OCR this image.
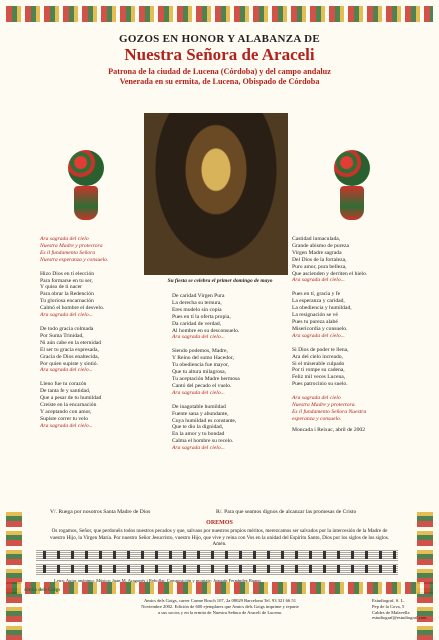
GOZOS EN HONOR Y ALABANZA DE
Nuestra Señora de Araceli
Patrona de la ciudad de Lucena (Córdoba) y del campo andaluz
Venerada en su ermita, de Lucena, Obispado de Córdoba
Su fiesta se celebra el primer domingo de mayo

Ara sagrada del cielo

Nuestra Madre y protectora

Es il fundamento Señora

Nuestra esperanza y consuelo.

Hizo Dios en tí elección

Para formarse en tu ser,

Y quiso de ti nacer

Para obrar la Redención

Tu gloriosa encarnación

Calmó el hombre el desvelo.

Ara sagrada del cielo...

De todo gracia colmada

Por Suma Trinidad,

Ni aún cabe en la eternidad

El ser tu gracia expresada,

Gracia de Dios enaltecida,

Por quien supiste y sintió.

Ara sagrada del cielo...

Lleno fue tu corazón

De tanta fe y santidad,

Que a pesar de tu humildad

Creíste en la encarnación

Y aceptando con amor,

Supiste correr tu velo

Ara sagrada del cielo...

De caridad Virgen Pura

La derecha su ternura,

Eres modelo sin copia

Pues en tí la oferta propia,

Da caridad de verdad,

Al hombre en su desconsuelo.

Ara sagrada del cielo...

Siendo podemos, Madre,

Y Reino del sumo Hacedor,

Tu obediencia fue mayor,

Que tu altura milagrosa,

Tu aceptación Madre hermosa

Cantó del pecado el vuelo.

Ara sagrada del cielo...

De inagotable humildad

Fuente sana y abundante,

Cuya humildad es constante,

Que te dio la dignidad,

En la amor y tu bondad

Calma el hombre su recelo.

Ara sagrada del cielo...

Castidad inmaculada,

Grande abismo de pureza

Virgen Madre sagrada

Del Dios de la fortaleza,

Puro amor, pura belleza,

Que ascienden y derriten el hielo.

Ara sagrada del cielo...

Pues en tí, gracia y fe

La esperanza y caridad,

La obediencia y humildad,

La resignación se vé

Pues tu pureza alabé

Misericordia y consuelo.

Ara sagrada del cielo...

Si Dios de poder te llena,

Ara del cielo increado,

Si el miserable culpado

Por ti rompe su cadena,

Feliz mil veces Lucena,

Pues patrocinio su suelo.

Ara sagrada del cielo

Nuestra Madre y protectora.

Es il fundamento Señora Nuestra

esperanza y consuelo.

Moncada i Reixac, abril de 2002

V/. Ruega por nosotros Santa Madre de Dios	R/. Para que seamos dignos de alcanzar las promesas de Cristo
OREMOS
Os rogamos, Señor, que perdonéis todos nuestros pecados y que, salvaos por nuestros propios méritos, merezcamos ser salvados por la intercesión de la Madre de vuestro Hijo, la Virgen María. Por nuestro Señor Jesucristo, vuestro Hijo, que vive y reina con Vos en la unidad del Espíritu Santo, Dios por los siglos de los siglos. Amén.
Letra: Autor anónimo. Música: Juan M. Aragonés i Rebollar. Composición y montaje: Joaquín Fernández Ruano
Amics dels Goigs, carrer Carme Bosch 107, 2a 08029 Barcelona Tel. 93 321 66 51
Noviembre 2002. Edición de 600 ejemplares que Amics dels Goigs imprime y reparte
a sus socios y en la ermita de Nuestra Señora de Araceli de Lucena.
Amics dels Goigs
Estudiograf, S. L.
Pep de la Cova, 5
Caldes de Malavella
estudiograf@estudiograf.com
